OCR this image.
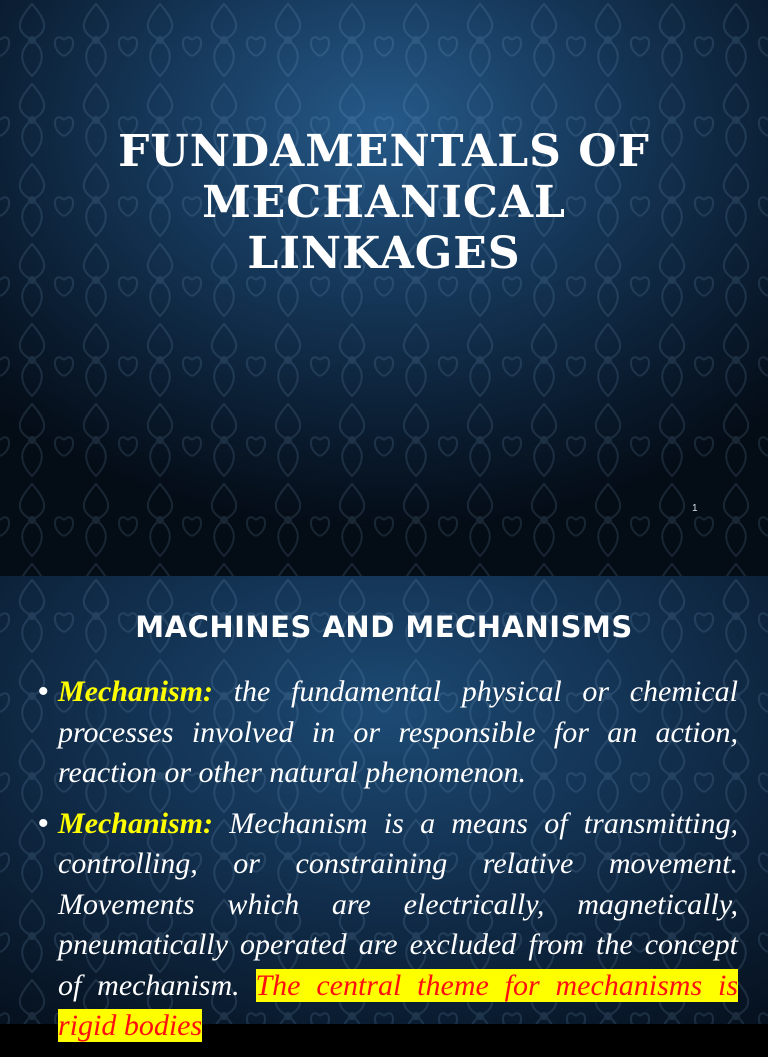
FUNDAMENTALS OF
MECHANICAL
LINKAGES
1
MACHINES AND MECHANISMS
• Mechanism: the fundamental physical or chemical processes involved in or responsible for an action, reaction or other natural phenomenon.
• Mechanism: Mechanism is a means of transmitting, controlling, or constraining relative movement. Movements which are electrically, magnetically, pneumatically operated are excluded from the concept of mechanism. The central theme for mechanisms is rigid bodies
